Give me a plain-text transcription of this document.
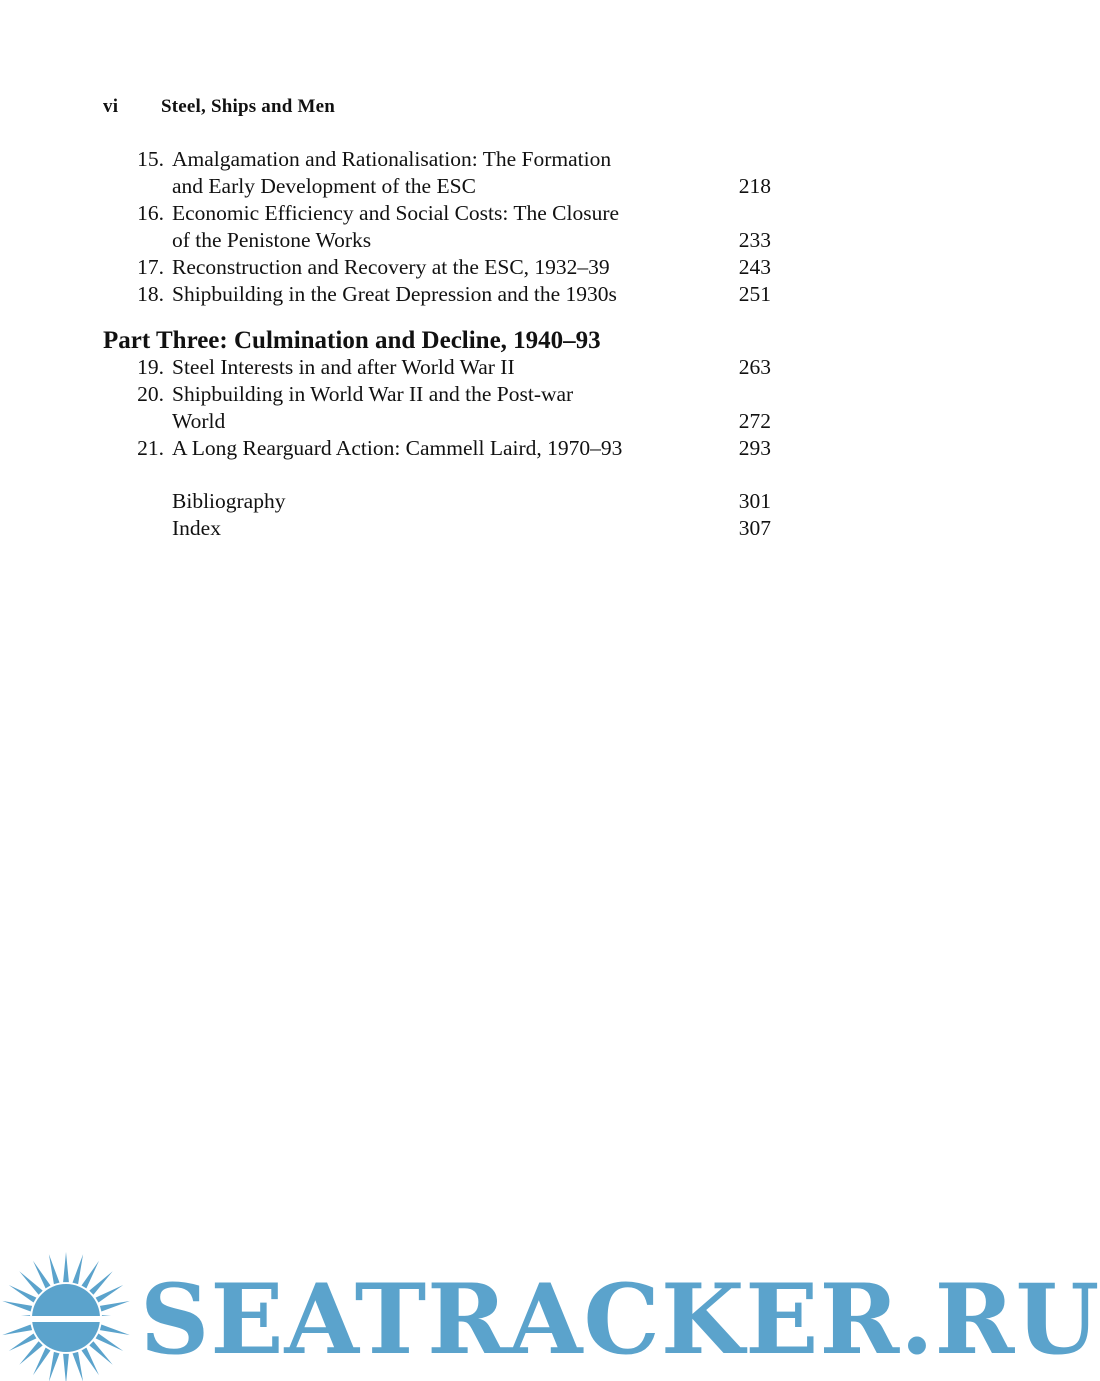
vi Steel, Ships and Men
15. Amalgamation and Rationalisation: The Formation
and Early Development of the ESC	218
16. Economic Efficiency and Social Costs: The Closure
of the Penistone Works	233
17. Reconstruction and Recovery at the ESC, 1932–39	243
18. Shipbuilding in the Great Depression and the 1930s	251
Part Three: Culmination and Decline, 1940–93
19. Steel Interests in and after World War II	263
20. Shipbuilding in World War II and the Post-war
World	272
21. A Long Rearguard Action: Cammell Laird, 1970–93	293
Bibliography	301
Index	307
SEATRACKER.RU
